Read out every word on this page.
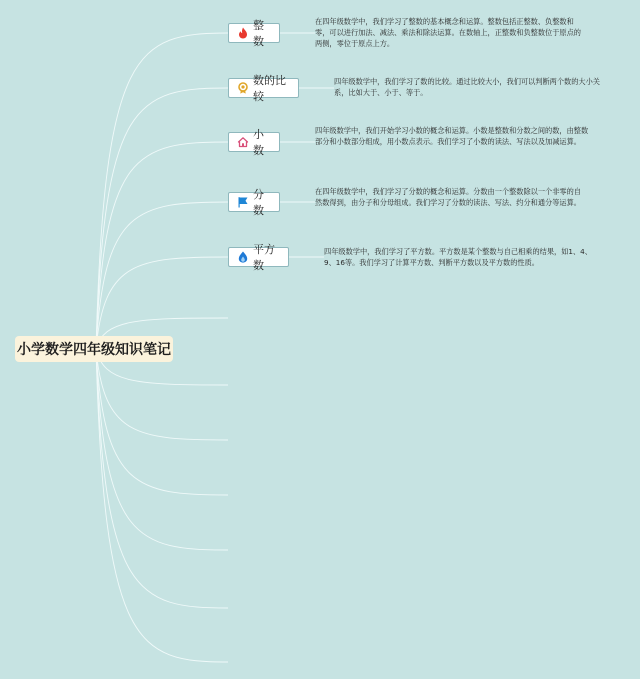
小学数学四年级知识笔记
整数

在四年级数学中，我们学习了整数的基本概念和运算。整数包括正整数、负整数和零，可以进行加法、减法、乘法和除法运算。在数轴上，正整数和负整数位于原点的两侧，零位于原点上方。

数的比较

四年级数学中，我们学习了数的比较。通过比较大小，我们可以判断两个数的大小关系，比如大于、小于、等于。

小数

四年级数学中，我们开始学习小数的概念和运算。小数是整数和分数之间的数，由整数部分和小数部分组成，用小数点表示。我们学习了小数的读法、写法以及加减运算。

分数

在四年级数学中，我们学习了分数的概念和运算。分数由一个整数除以一个非零的自然数得到，由分子和分母组成。我们学习了分数的读法、写法、约分和通分等运算。

平方数

四年级数学中，我们学习了平方数。平方数是某个整数与自己相乘的结果，如1、4、9、16等。我们学习了计算平方数、判断平方数以及平方数的性质。
